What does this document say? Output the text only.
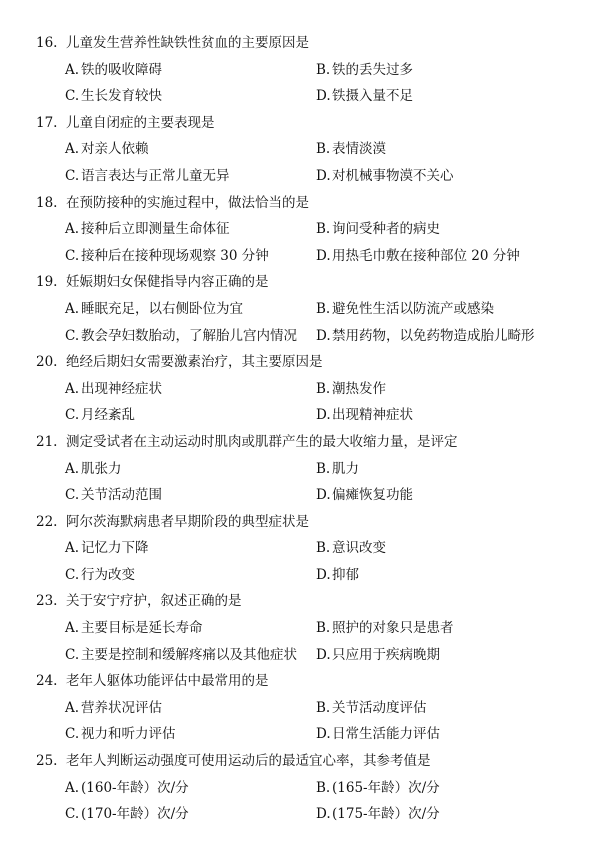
16. 儿童发生营养性缺铁性贫血的主要原因是
A. 铁的吸收障碍	B. 铁的丢失过多
C. 生长发育较快	D.铁摄入量不足
17. 儿童自闭症的主要表现是
A. 对亲人依赖	B. 表情淡漠
C. 语言表达与正常儿童无异	D.对机械事物漠不关心
18. 在预防接种的实施过程中，做法恰当的是
A. 接种后立即测量生命体征	B. 询问受种者的病史
C. 接种后在接种现场观察 30 分钟	D.用热毛巾敷在接种部位 20 分钟
19. 妊娠期妇女保健指导内容正确的是
A. 睡眠充足，以右侧卧位为宜	B. 避免性生活以防流产或感染
C. 教会孕妇数胎动，了解胎儿宫内情况 D.禁用药物，以免药物造成胎儿畸形
20. 绝经后期妇女需要激素治疗，其主要原因是
A. 出现神经症状	B. 潮热发作
C. 月经紊乱	D.出现精神症状
21. 测定受试者在主动运动时肌肉或肌群产生的最大收缩力量，是评定
A. 肌张力	B. 肌力
C. 关节活动范围	D.偏瘫恢复功能
22. 阿尔茨海默病患者早期阶段的典型症状是
A. 记忆力下降	B. 意识改变
C. 行为改变	D.抑郁
23. 关于安宁疗护，叙述正确的是
A. 主要目标是延长寿命	B. 照护的对象只是患者
C. 主要是控制和缓解疼痛以及其他症状 D.只应用于疾病晚期
24. 老年人躯体功能评估中最常用的是
A. 营养状况评估	B. 关节活动度评估
C. 视力和听力评估	D.日常生活能力评估
25. 老年人判断运动强度可使用运动后的最适宜心率，其参考值是
A. (160-年龄）次/分	B. (165-年龄）次/分
C. (170-年龄）次/分	D.(175-年龄）次/分
